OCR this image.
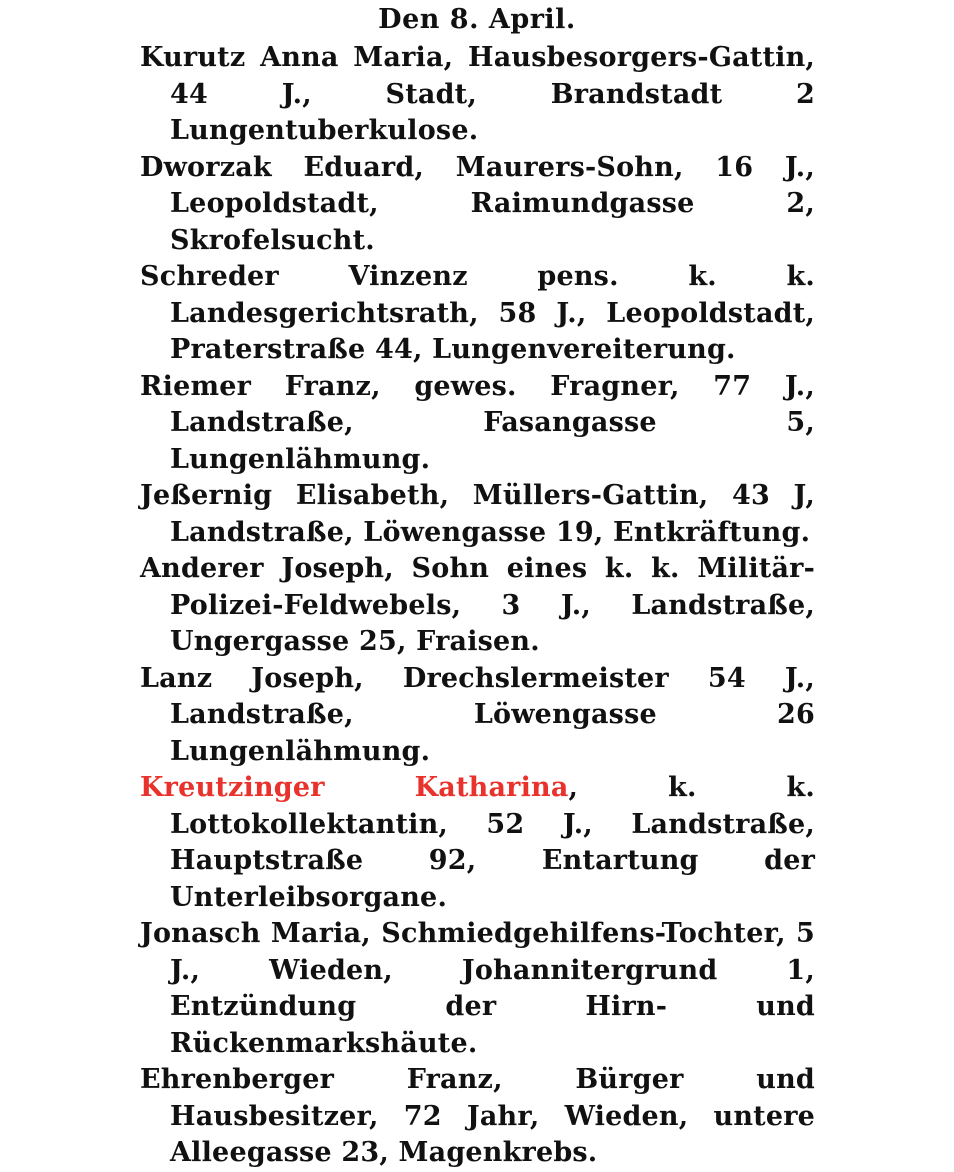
Den 8. April.

Kurutz Anna Maria, Hausbesorgers-Gattin, 44 J., Stadt, Brandstadt 2 Lungentuberkulose.

Dworzak Eduard, Maurers-Sohn, 16 J., Leopoldstadt, Raimundgasse 2, Skrofelsucht.

Schreder Vinzenz	pens. k. k. Landesgerichtsrath, 58 J., Leopoldstadt, Praterstraße 44, Lungenvereiterung.

Riemer Franz, gewes. Fragner, 77 J., Landstraße, Fasangasse 5, Lungenlähmung.

Jeßernig Elisabeth, Müllers-Gattin, 43 J, Landstraße, Löwengasse 19, Entkräftung.

Anderer Joseph, Sohn eines k. k. Militär-Polizei-Feldwebels, 3 J., Landstraße, Ungergasse 25, Fraisen.

Lanz Joseph, Drechslermeister 54 J., Landstraße, Löwengasse 26 Lungenlähmung.

Kreutzinger Katharina, k. k. Lottokollektantin, 52 J., Landstraße, Hauptstraße 92, Entartung der Unterleibsorgane.

Jonasch Maria, Schmiedgehilfens-Tochter, 5 J., Wieden, Johannitergrund 1, Entzündung der Hirn- und Rückenmarkshäute.

Ehrenberger Franz, Bürger und Hausbesitzer, 72 Jahr, Wieden, untere Alleegasse 23, Magenkrebs.
